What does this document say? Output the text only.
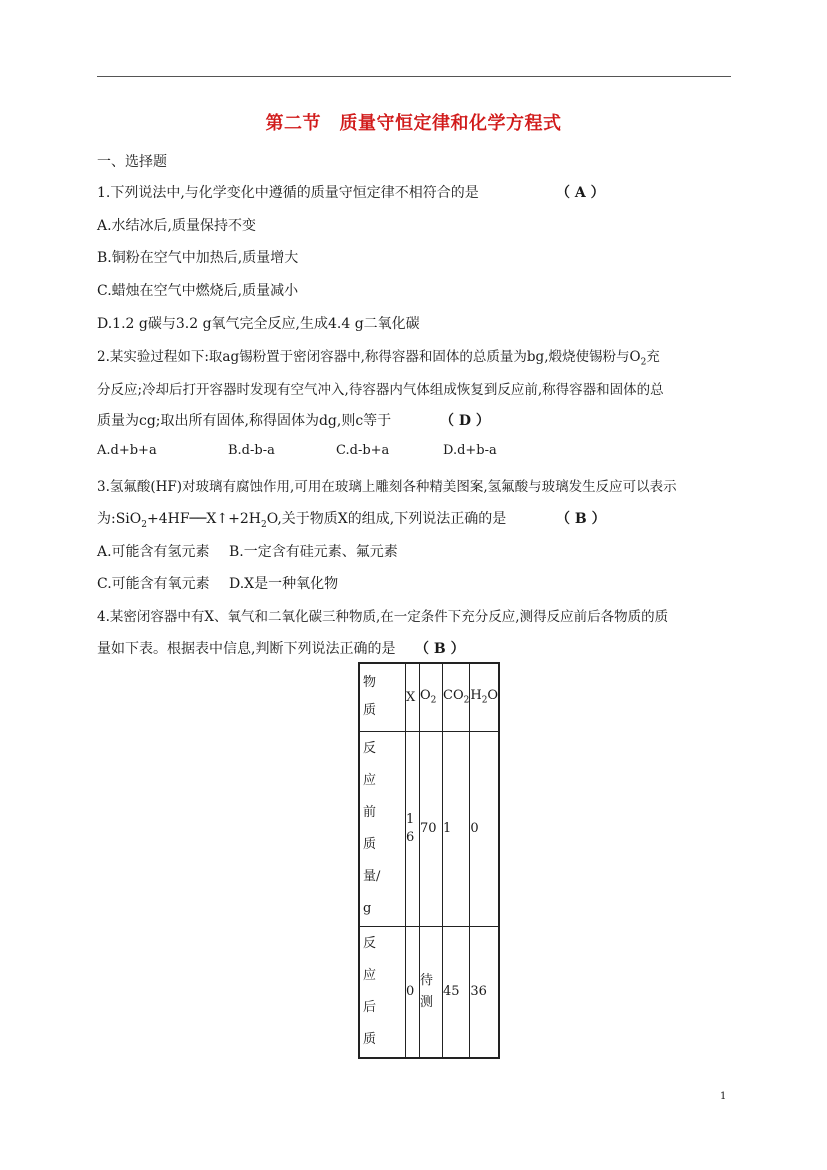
第二节　质量守恒定律和化学方程式
一、选择题
1.下列说法中,与化学变化中遵循的质量守恒定律不相符合的是	（ A ）
A.水结冰后,质量保持不变
B.铜粉在空气中加热后,质量增大
C.蜡烛在空气中燃烧后,质量减小
D.1.2 g碳与3.2 g氧气完全反应,生成4.4 g二氧化碳
2.某实验过程如下:取ag锡粉置于密闭容器中,称得容器和固体的总质量为bg,煅烧使锡粉与$O_2$充
分反应;冷却后打开容器时发现有空气冲入,待容器内气体组成恢复到反应前,称得容器和固体的总
质量为cg;取出所有固体,称得固体为dg,则c等于	（ D ）
A.d+b+a	B.d-b-a	C.d-b+a	D.d+b-a
3.氢氟酸(HF)对玻璃有腐蚀作用,可用在玻璃上雕刻各种精美图案,氢氟酸与玻璃发生反应可以表示
为$:SiO_2+4HF──X↑+2H_2O$,关于物质X的组成,下列说法正确的是	（ B ）
A.可能含有氢元素 B.一定含有硅元素、氟元素
C.可能含有氧元素 D.X是一种氧化物
4.某密闭容器中有X、氧气和二氧化碳三种物质,在一定条件下充分反应,测得反应前后各物质的质
量如下表。根据表中信息,判断下列说法正确的是 （ B ）
物质	X	$O_2$	$CO_2$	$H_2O$

反应前质量/g	16	70	1	0

反应后质	0	待测	45	36
1
